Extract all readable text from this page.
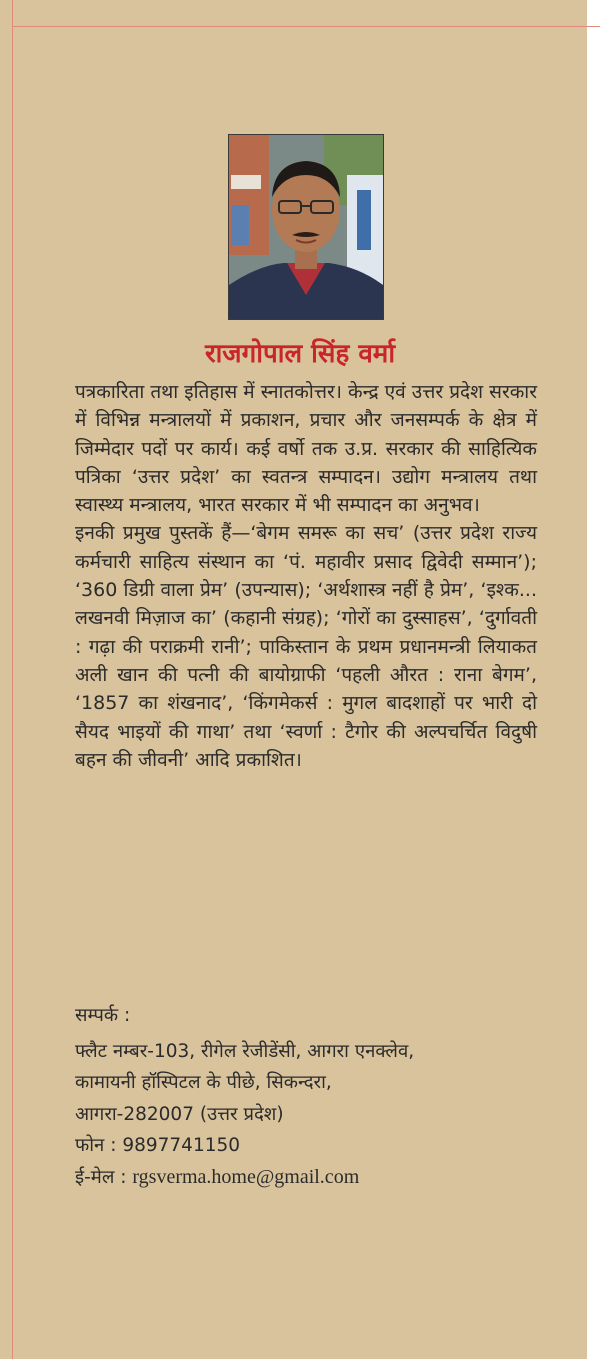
राजगोपाल सिंह वर्मा

पत्रकारिता तथा इतिहास में स्नातकोत्तर। केन्द्र एवं उत्तर प्रदेश सरकार में विभिन्न मन्त्रालयों में प्रकाशन, प्रचार और जनसम्पर्क के क्षेत्र में जिम्मेदार पदों पर कार्य। कई वर्षो तक उ.प्र. सरकार की साहित्यिक पत्रिका ‘उत्तर प्रदेश’ का स्वतन्त्र सम्पादन। उद्योग मन्त्रालय तथा स्वास्थ्य मन्त्रालय, भारत सरकार में भी सम्पादन का अनुभव।

इनकी प्रमुख पुस्तकें हैं—‘बेगम समरू का सच’ (उत्तर प्रदेश राज्य कर्मचारी साहित्य संस्थान का ‘पं. महावीर प्रसाद द्विवेदी सम्मान’); ‘360 डिग्री वाला प्रेम’ (उपन्यास); ‘अर्थशास्त्र नहीं है प्रेम’, ‘इश्क... लखनवी मिज़ाज का’ (कहानी संग्रह); ‘गोरों का दुस्साहस’, ‘दुर्गावती : गढ़ा की पराक्रमी रानी’; पाकिस्तान के प्रथम प्रधानमन्त्री लियाकत अली खान की पत्नी की बायोग्राफी ‘पहली औरत : राना बेगम’, ‘1857 का शंखनाद’, ‘किंगमेकर्स : मुगल बादशाहों पर भारी दो सैयद भाइयों की गाथा’ तथा ‘स्वर्णा : टैगोर की अल्पचर्चित विदुषी बहन की जीवनी’ आदि प्रकाशित।

सम्पर्क :
फ्लैट नम्बर-103, रीगेल रेजीडेंसी, आगरा एनक्लेव,
कामायनी हॉस्पिटल के पीछे, सिकन्दरा,
आगरा-282007 (उत्तर प्रदेश)
फोन : 9897741150
ई-मेल : rgsverma.home@gmail.com
